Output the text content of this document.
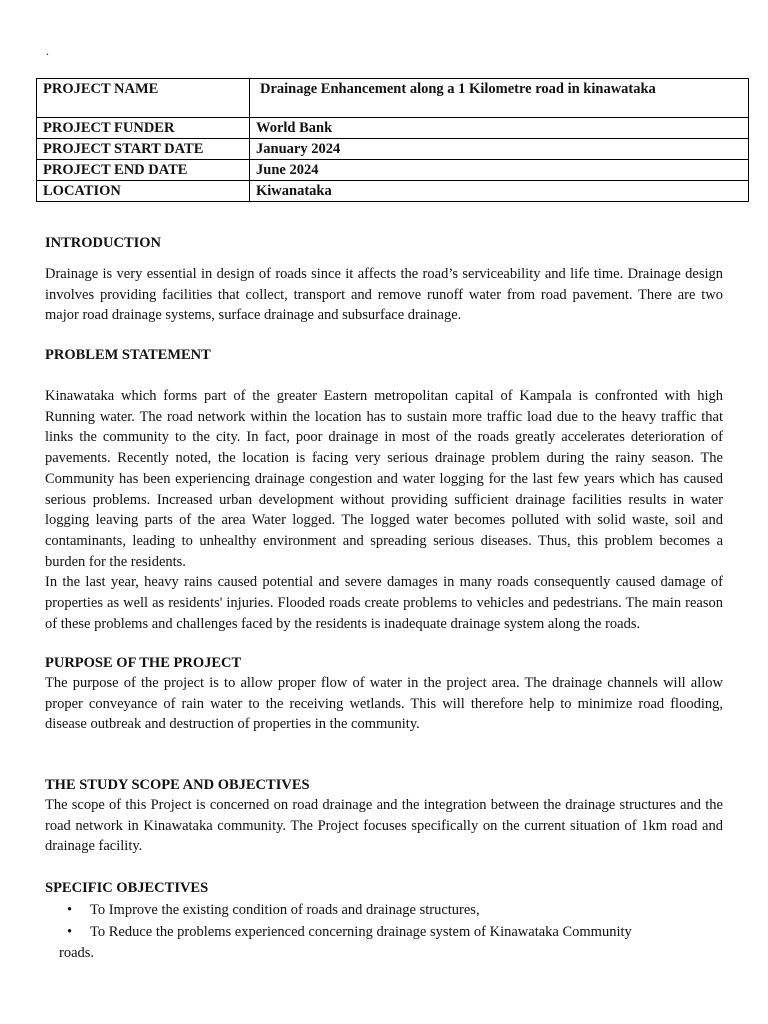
.
PROJECT NAME	Drainage Enhancement along a 1 Kilometre road in kinawataka
PROJECT FUNDER	World Bank
PROJECT START DATE	January 2024
PROJECT END DATE	June 2024
LOCATION	Kiwanataka
INTRODUCTION

Drainage is very essential in design of roads since it affects the road’s serviceability and life time. Drainage design involves providing facilities that collect, transport and remove runoff water from road pavement. There are two major road drainage systems, surface drainage and subsurface drainage.

PROBLEM STATEMENT

Kinawataka which forms part of the greater Eastern metropolitan capital of Kampala is confronted with high Running water. The road network within the location has to sustain more traffic load due to the heavy traffic that links the community to the city. In fact, poor drainage in most of the roads greatly accelerates deterioration of pavements. Recently noted, the location is facing very serious drainage problem during the rainy season. The Community has been experiencing drainage congestion and water logging for the last few years which has caused serious problems. Increased urban development without providing sufficient drainage facilities results in water logging leaving parts of the area Water logged. The logged water becomes polluted with solid waste, soil and contaminants, leading to unhealthy environment and spreading serious diseases. Thus, this problem becomes a burden for the residents.

In the last year, heavy rains caused potential and severe damages in many roads consequently caused damage of properties as well as residents' injuries. Flooded roads create problems to vehicles and pedestrians. The main reason of these problems and challenges faced by the residents is inadequate drainage system along the roads.

PURPOSE OF THE PROJECT

The purpose of the project is to allow proper flow of water in the project area. The drainage channels will allow proper conveyance of rain water to the receiving wetlands. This will therefore help to minimize road flooding, disease outbreak and destruction of properties in the community.

THE STUDY SCOPE AND OBJECTIVES

The scope of this Project is concerned on road drainage and the integration between the drainage structures and the road network in Kinawataka community. The Project focuses specifically on the current situation of 1km road and drainage facility.

SPECIFIC OBJECTIVES
• To Improve the existing condition of roads and drainage structures,
• To Reduce the problems experienced concerning drainage system of Kinawataka Community
roads.
